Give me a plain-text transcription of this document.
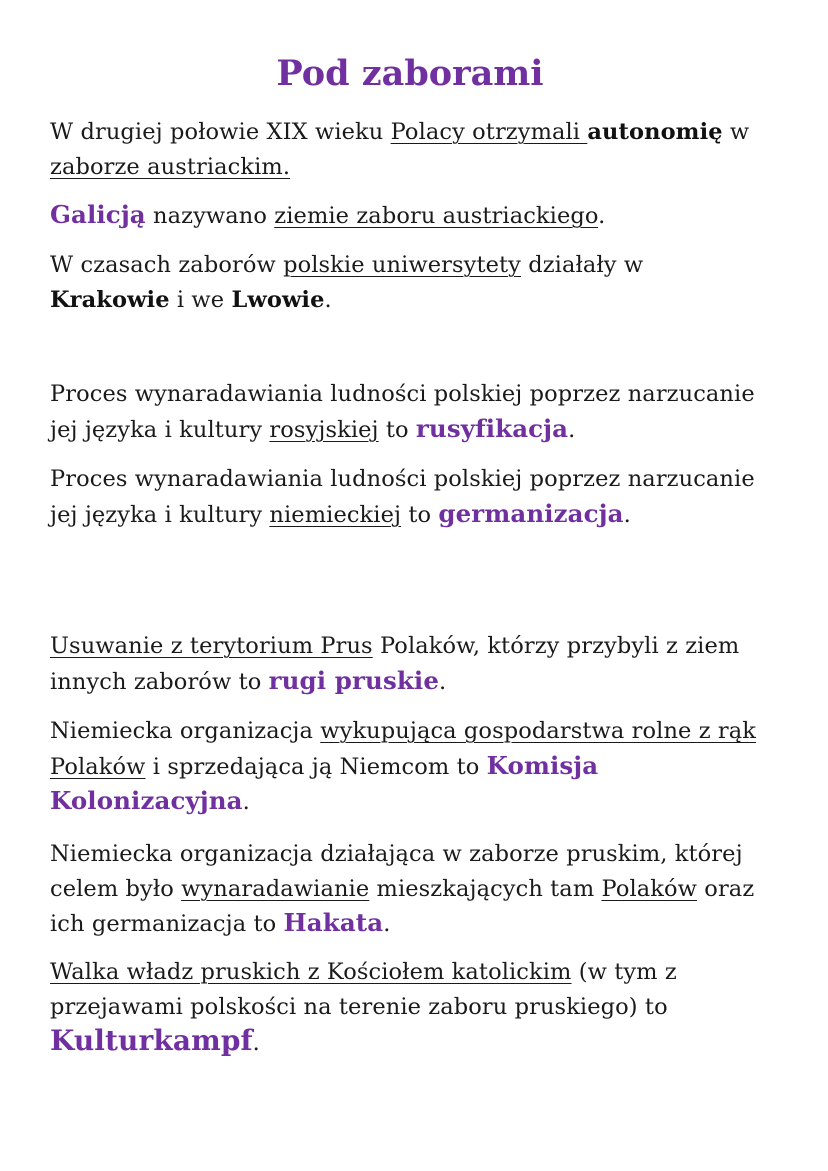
Pod zaborami

W drugiej połowie XIX wieku Polacy otrzymali autonomię w zaborze austriackim.

Galicją nazywano ziemie zaboru austriackiego.

W czasach zaborów polskie uniwersytety działały w Krakowie i we Lwowie.

Proces wynaradawiania ludności polskiej poprzez narzucanie jej języka i kultury rosyjskiej to rusyfikacja.

Proces wynaradawiania ludności polskiej poprzez narzucanie jej języka i kultury niemieckiej to germanizacja.

Usuwanie z terytorium Prus Polaków, którzy przybyli z ziem innych zaborów to rugi pruskie.

Niemiecka organizacja wykupująca gospodarstwa rolne z rąk Polaków i sprzedająca ją Niemcom to Komisja Kolonizacyjna.

Niemiecka organizacja działająca w zaborze pruskim, której celem było wynaradawianie mieszkających tam Polaków oraz ich germanizacja to Hakata.

Walka władz pruskich z Kościołem katolickim (w tym z przejawami polskości na terenie zaboru pruskiego) to Kulturkampf.
